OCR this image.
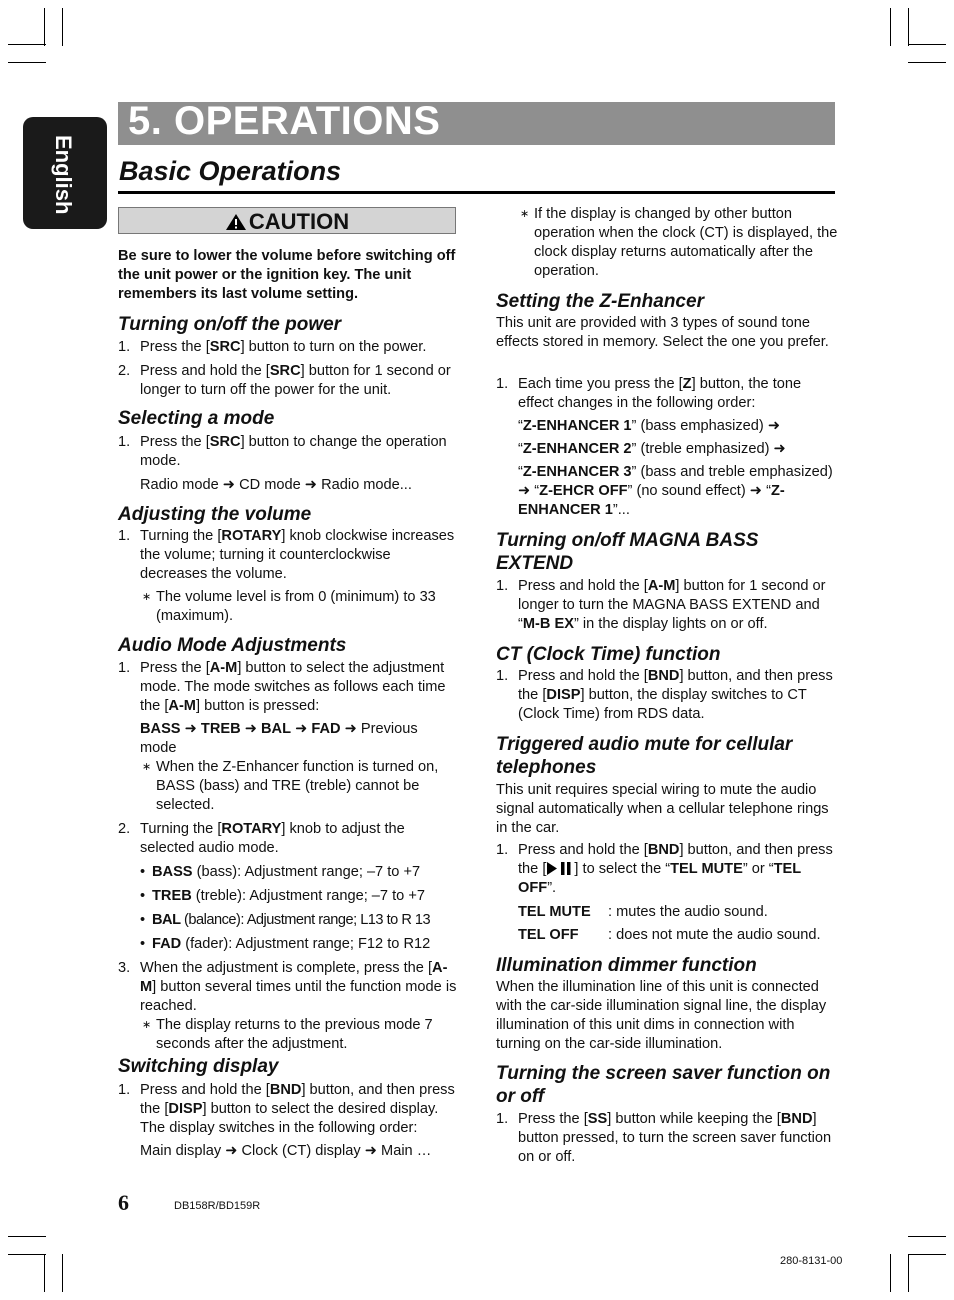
English
5. OPERATIONS
Basic Operations
CAUTION
Be sure to lower the volume before switching off the unit power or the ignition key. The unit remembers its last volume setting.
Turning on/off the power
1. Press the [SRC] button to turn on the power.
2. Press and hold the [SRC] button for 1 second or longer to turn off the power for the unit.
Selecting a mode
1. Press the [SRC] button to change the operation mode.
Radio mode ➜ CD mode ➜ Radio mode...
Adjusting the volume
1. Turning the [ROTARY] knob clockwise increases the volume; turning it counterclockwise decreases the volume.
∗ The volume level is from 0 (minimum) to 33 (maximum).
Audio Mode Adjustments
1. Press the [A-M] button to select the adjustment mode. The mode switches as follows each time the [A-M] button is pressed:
BASS ➜ TREB ➜ BAL ➜ FAD ➜ Previous mode
∗ When the Z-Enhancer function is turned on, BASS (bass) and TRE (treble) cannot be selected.
2. Turning the [ROTARY] knob to adjust the selected audio mode.
• BASS (bass): Adjustment range; –7 to +7
• TREB (treble): Adjustment range; –7 to +7
• BAL (balance): Adjustment range; L13 to R 13
• FAD (fader): Adjustment range; F12 to R12
3. When the adjustment is complete, press the [A-M] button several times until the function mode is reached.
∗ The display returns to the previous mode 7 seconds after the adjustment.
Switching display
1. Press and hold the [BND] button, and then press the [DISP] button to select the desired display.
The display switches in the following order:
Main display ➜ Clock (CT) display ➜ Main …
∗ If the display is changed by other button operation when the clock (CT) is displayed, the clock display returns automatically after the operation.
Setting the Z-Enhancer
This unit are provided with 3 types of sound tone effects stored in memory. Select the one you prefer.
1. Each time you press the [Z] button, the tone effect changes in the following order:
“Z-ENHANCER 1” (bass emphasized) ➜
“Z-ENHANCER 2” (treble emphasized) ➜
“Z-ENHANCER 3” (bass and treble emphasized) ➜ “Z-EHCR OFF” (no sound effect) ➜ “Z-ENHANCER 1”...
Turning on/off MAGNA BASS EXTEND
1. Press and hold the [A-M] button for 1 second or longer to turn the MAGNA BASS EXTEND and “M-B EX” in the display lights on or off.
CT (Clock Time) function
1. Press and hold the [BND] button, and then press the [DISP] button, the display switches to CT (Clock Time) from RDS data.
Triggered audio mute for cellular telephones
This unit requires special wiring to mute the audio signal automatically when a cellular telephone rings in the car.
1. Press and hold the [BND] button, and then press the [ ] to select the “TEL MUTE” or “TEL OFF”.
TEL MUTE	: mutes the audio sound.
TEL OFF	: does not mute the audio sound.
Illumination dimmer function
When the illumination line of this unit is connected with the car-side illumination signal line, the display illumination of this unit dims in connection with turning on the car-side illumination.
Turning the screen saver function on or off
1. Press the [SS] button while keeping the [BND] button pressed, to turn the screen saver function on or off.
6	DB158R/BD159R
280-8131-00
